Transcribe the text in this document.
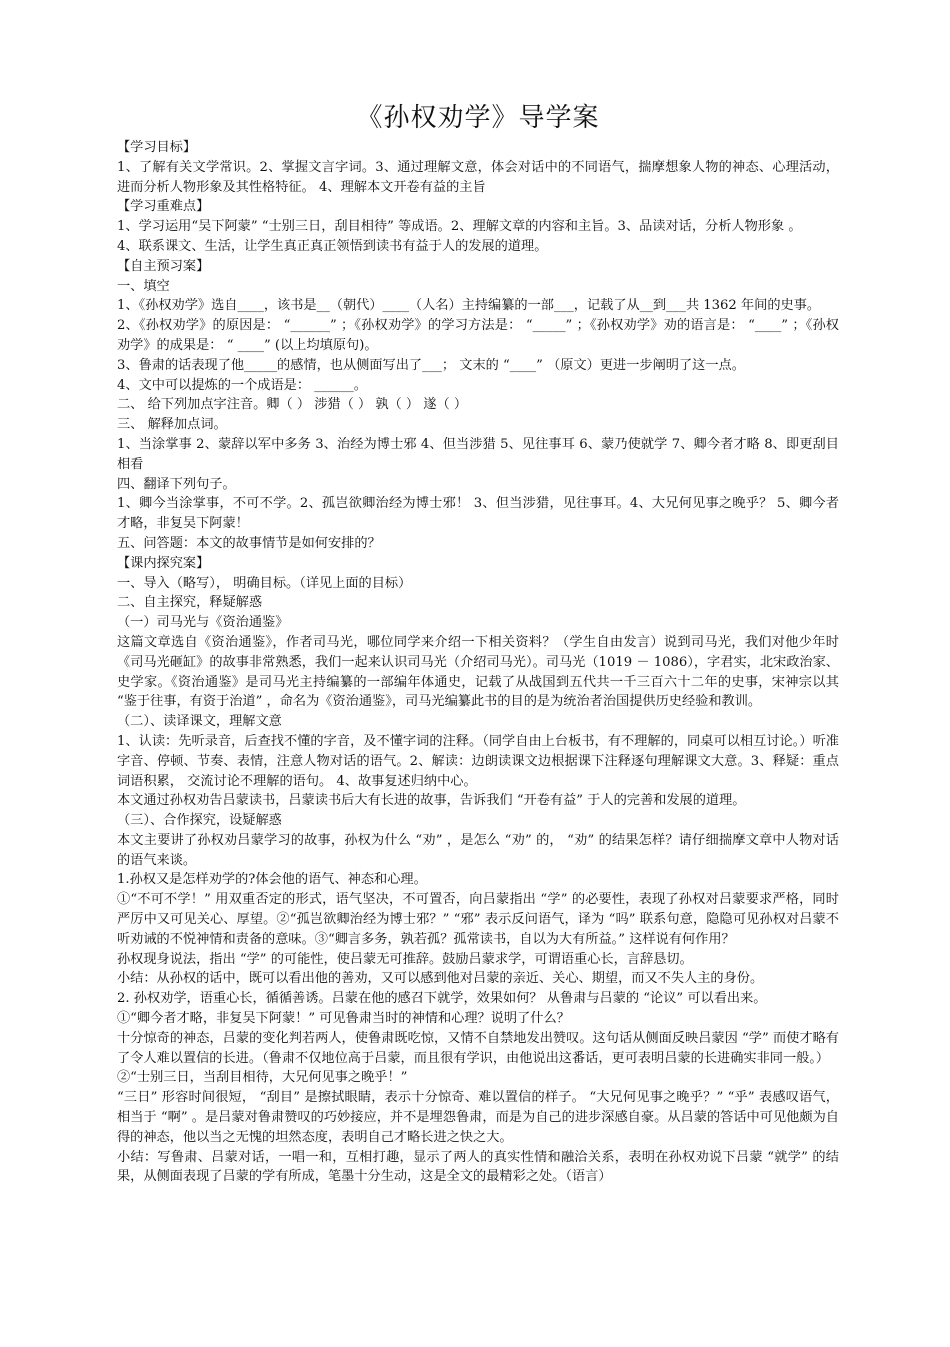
《孙权劝学》导学案

【学习目标】

1、了解有关文学常识。2、掌握文言字词。3、通过理解文意，体会对话中的不同语气，揣摩想象人物的神态、心理活动，进而分析人物形象及其性格特征。 4、理解本文开卷有益的主旨

【学习重难点】

1、学习运用“吴下阿蒙” “士别三日，刮目相待” 等成语。2、理解文章的内容和主旨。3、品读对话，分析人物形象 。

4、联系课文、生活，让学生真正真正领悟到读书有益于人的发展的道理。

【自主预习案】

一、填空

1、《孙权劝学》选自____，该书是__（朝代）____（人名）主持编纂的一部___，记载了从__到___共 1362 年间的史事。

2、《孙权劝学》的原因是： “______” ；《孙权劝学》的学习方法是： “_____” ；《孙权劝学》劝的语言是： “____” ；《孙权劝学》的成果是： “ ____” (以上均填原句)。

3、鲁肃的话表现了他_____的感情，也从侧面写出了___； 文末的 “____” （原文）更进一步阐明了这一点。

4、文中可以提炼的一个成语是： ______。

二、 给下列加点字注音。卿（ ） 涉猎（ ） 孰（ ） 遂（ ）

三、 解释加点词。

1、当涂掌事 2、蒙辞以军中多务 3、治经为博士邪 4、但当涉猎 5、见往事耳 6、蒙乃使就学 7、卿今者才略 8、即更刮目相看

四、翻译下列句子。

1、卿今当涂掌事，不可不学。2、孤岂欲卿治经为博士邪！ 3、但当涉猎，见往事耳。4、大兄何见事之晚乎？ 5、卿今者才略，非复吴下阿蒙！

五、问答题：本文的故事情节是如何安排的？

【课内探究案】

一、导入（略写）， 明确目标。（详见上面的目标）

二、自主探究，释疑解惑

（一）司马光与《资治通鉴》

这篇文章选自《资治通鉴》，作者司马光，哪位同学来介绍一下相关资料？（学生自由发言）说到司马光，我们对他少年时《司马光砸缸》的故事非常熟悉，我们一起来认识司马光（介绍司马光）。司马光（1019 － 1086），字君实，北宋政治家、史学家。《资治通鉴》是司马光主持编纂的一部编年体通史，记载了从战国到五代共一千三百六十二年的史事，宋神宗以其 “鉴于往事，有资于治道” ，命名为《资治通鉴》，司马光编纂此书的目的是为统治者治国提供历史经验和教训。

（二）、读译课文，理解文意

1、认读：先听录音，后查找不懂的字音，及不懂字词的注释。（同学自由上台板书，有不理解的，同桌可以相互讨论。）听准字音、停顿、节奏、表情，注意人物对话的语气。2、解读：边朗读课文边根据课下注释逐句理解课文大意。3、释疑：重点词语积累， 交流讨论不理解的语句。 4、故事复述归纳中心。

本文通过孙权劝告吕蒙读书，吕蒙读书后大有长进的故事，告诉我们 “开卷有益” 于人的完善和发展的道理。

（三）、合作探究，设疑解惑

本文主要讲了孙权劝吕蒙学习的故事，孙权为什么 “劝” ，是怎么 “劝” 的， “劝” 的结果怎样？请仔细揣摩文章中人物对话的语气来谈。

1.孙权又是怎样劝学的?体会他的语气、神态和心理。

①“不可不学！” 用双重否定的形式，语气坚决，不可置否，向吕蒙指出 “学” 的必要性，表现了孙权对吕蒙要求严格，同时严厉中又可见关心、厚望。②“孤岂欲卿治经为博士邪？” “邪” 表示反问语气，译为 “吗” 联系句意，隐隐可见孙权对吕蒙不听劝诫的不悦神情和责备的意味。③“卿言多务，孰若孤？孤常读书，自以为大有所益。” 这样说有何作用？

孙权现身说法，指出 “学” 的可能性，使吕蒙无可推辞。鼓励吕蒙求学，可谓语重心长，言辞恳切。

小结：从孙权的话中，既可以看出他的善劝，又可以感到他对吕蒙的亲近、关心、期望，而又不失人主的身份。

2. 孙权劝学，语重心长，循循善诱。吕蒙在他的感召下就学，效果如何？ 从鲁肃与吕蒙的 “论议” 可以看出来。

①“卿今者才略，非复吴下阿蒙！” 可见鲁肃当时的神情和心理？说明了什么？

十分惊奇的神态，吕蒙的变化判若两人，使鲁肃既吃惊，又情不自禁地发出赞叹。这句话从侧面反映吕蒙因 “学” 而使才略有了令人难以置信的长进。（鲁肃不仅地位高于吕蒙，而且很有学识，由他说出这番话，更可表明吕蒙的长进确实非同一般。）

②“士别三日，当刮目相待，大兄何见事之晚乎！”

“三日” 形容时间很短， “刮目” 是擦拭眼睛，表示十分惊奇、难以置信的样子。 “大兄何见事之晚乎？” “乎” 表感叹语气，相当于 “啊” 。是吕蒙对鲁肃赞叹的巧妙接应，并不是埋怨鲁肃，而是为自己的进步深感自豪。从吕蒙的答话中可见他颇为自得的神态，他以当之无愧的坦然态度，表明自己才略长进之快之大。

小结：写鲁肃、吕蒙对话，一唱一和，互相打趣，显示了两人的真实性情和融洽关系，表明在孙权劝说下吕蒙 “就学” 的结果，从侧面表现了吕蒙的学有所成，笔墨十分生动，这是全文的最精彩之处。（语言）
